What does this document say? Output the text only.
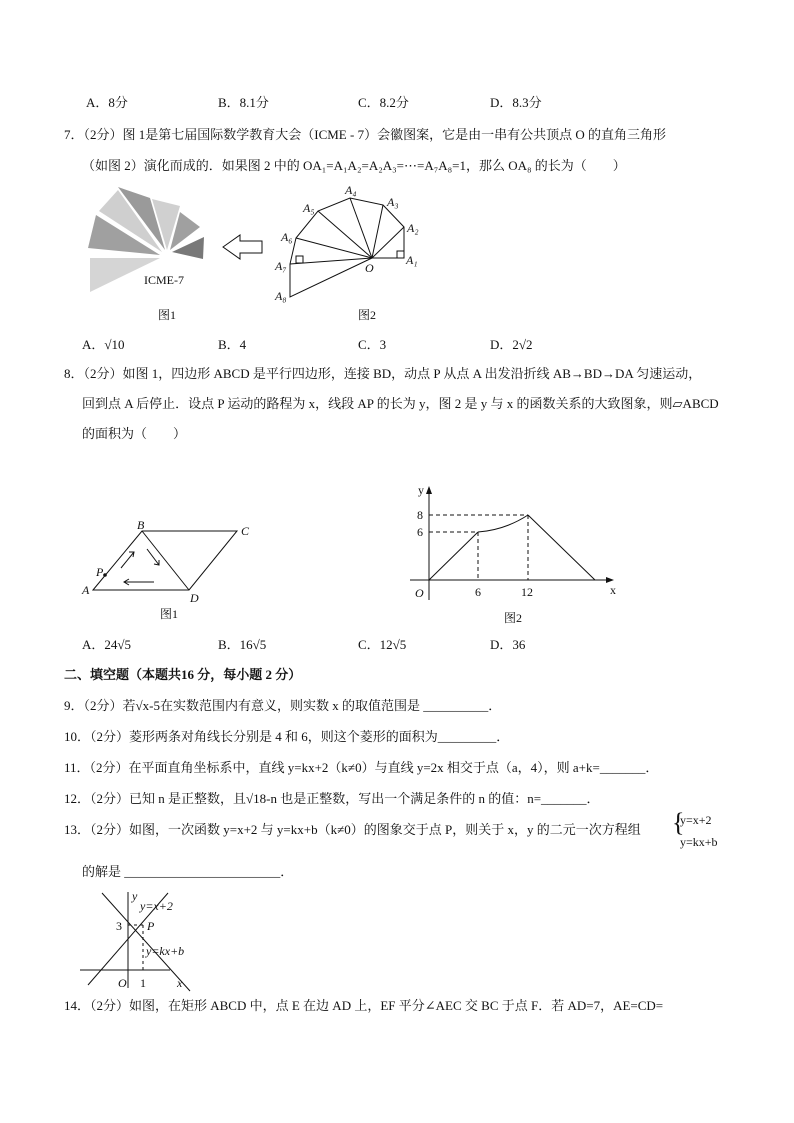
A．8分	B．8.1分	C．8.2分	D．8.3分
7．（2分）图 1是第七届国际数学教育大会（ICME - 7）会徽图案，它是由一串有公共顶点 O 的直角三角形
（如图 2）演化而成的．如果图 2 中的 OA₁=A₁A₂=A₂A₃=⋯=A₇A₈=1，那么 OA₈ 的长为（　　）
ICME-7
图1
A₁
A₂
A₃
A₄
A₅
A₆
A₇
A₈
O
图2
A
B	C
D
P
图1
y
x
O
8
6
6	12
图2
O 1	x
y
3 P
y=x+2
y=kx+b
A．√10	B．4	C．3	D．2√2
8．（2分）如图 1，四边形 ABCD 是平行四边形，连接 BD，动点 P 从点 A 出发沿折线 AB→BD→DA 匀速运动，
回到点 A 后停止．设点 P 运动的路程为 x，线段 AP 的长为 y，图 2 是 y 与 x 的函数关系的大致图象，则▱ABCD
的面积为（　　）
A．24√5	B．16√5	C．12√5	D．36
二、填空题（本题共16 分，每小题 2 分）
9．（2分）若√x-5在实数范围内有意义，则实数 x 的取值范围是 __________．
10．（2分）菱形两条对角线长分别是 4 和 6，则这个菱形的面积为_________．
11．（2分）在平面直角坐标系中，直线 y=kx+2（k≠0）与直线 y=2x 相交于点（a，4），则 a+k=_______．
12．（2分）已知 n 是正整数，且√18-n 也是正整数，写出一个满足条件的 n 的值：n=_______．
13．（2分）如图，一次函数 y=x+2 与 y=kx+b（k≠0）的图象交于点 P，则关于 x，y 的二元一次方程组 {
y=x+2
y=kx+b
的解是 ________________________．
14．（2分）如图，在矩形 ABCD 中，点 E 在边 AD 上，EF 平分∠AEC 交 BC 于点 F．若 AD=7，AE=CD=
